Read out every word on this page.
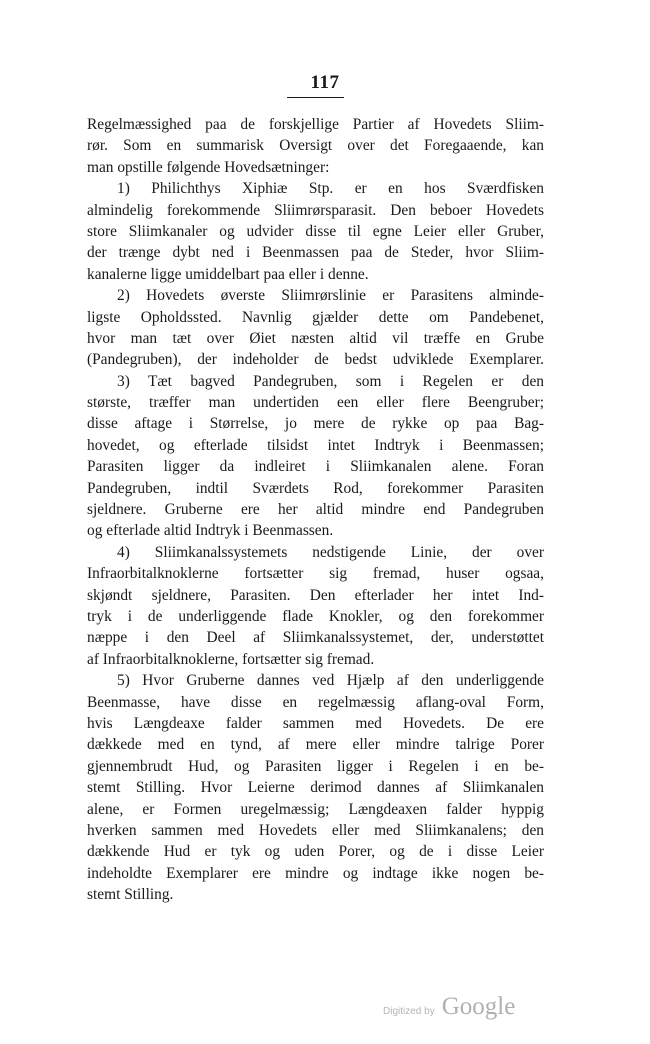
117
Regelmæssighed paa de forskjellige Partier af Hovedets Sliim-
rør. Som en summarisk Oversigt over det Foregaaende, kan
man opstille følgende Hovedsætninger:
1) Philichthys Xiphiæ Stp. er en hos Sværdfisken
almindelig forekommende Sliimrørsparasit. Den beboer Hovedets
store Sliimkanaler og udvider disse til egne Leier eller Gruber,
der trænge dybt ned i Beenmassen paa de Steder, hvor Sliim-
kanalerne ligge umiddelbart paa eller i denne.
2) Hovedets øverste Sliimrørslinie er Parasitens alminde-
ligste Opholdssted. Navnlig gjælder dette om Pandebenet,
hvor man tæt over Øiet næsten altid vil træffe en Grube
(Pandegruben), der indeholder de bedst udviklede Exemplarer.
3) Tæt bagved Pandegruben, som i Regelen er den
største, træffer man undertiden een eller flere Beengruber;
disse aftage i Størrelse, jo mere de rykke op paa Bag-
hovedet, og efterlade tilsidst intet Indtryk i Beenmassen;
Parasiten ligger da indleiret i Sliimkanalen alene. Foran
Pandegruben, indtil Sværdets Rod, forekommer Parasiten
sjeldnere. Gruberne ere her altid mindre end Pandegruben
og efterlade altid Indtryk i Beenmassen.
4) Sliimkanalssystemets nedstigende Linie, der over
Infraorbitalknoklerne fortsætter sig fremad, huser ogsaa,
skjøndt sjeldnere, Parasiten. Den efterlader her intet Ind-
tryk i de underliggende flade Knokler, og den forekommer
næppe i den Deel af Sliimkanalssystemet, der, understøttet
af Infraorbitalknoklerne, fortsætter sig fremad.
5) Hvor Gruberne dannes ved Hjælp af den underliggende
Beenmasse, have disse en regelmæssig aflang-oval Form,
hvis Længdeaxe falder sammen med Hovedets. De ere
dækkede med en tynd, af mere eller mindre talrige Porer
gjennembrudt Hud, og Parasiten ligger i Regelen i en be-
stemt Stilling. Hvor Leierne derimod dannes af Sliimkanalen
alene, er Formen uregelmæssig; Længdeaxen falder hyppig
hverken sammen med Hovedets eller med Sliimkanalens; den
dækkende Hud er tyk og uden Porer, og de i disse Leier
indeholdte Exemplarer ere mindre og indtage ikke nogen be-
stemt Stilling.
Digitized by Google
